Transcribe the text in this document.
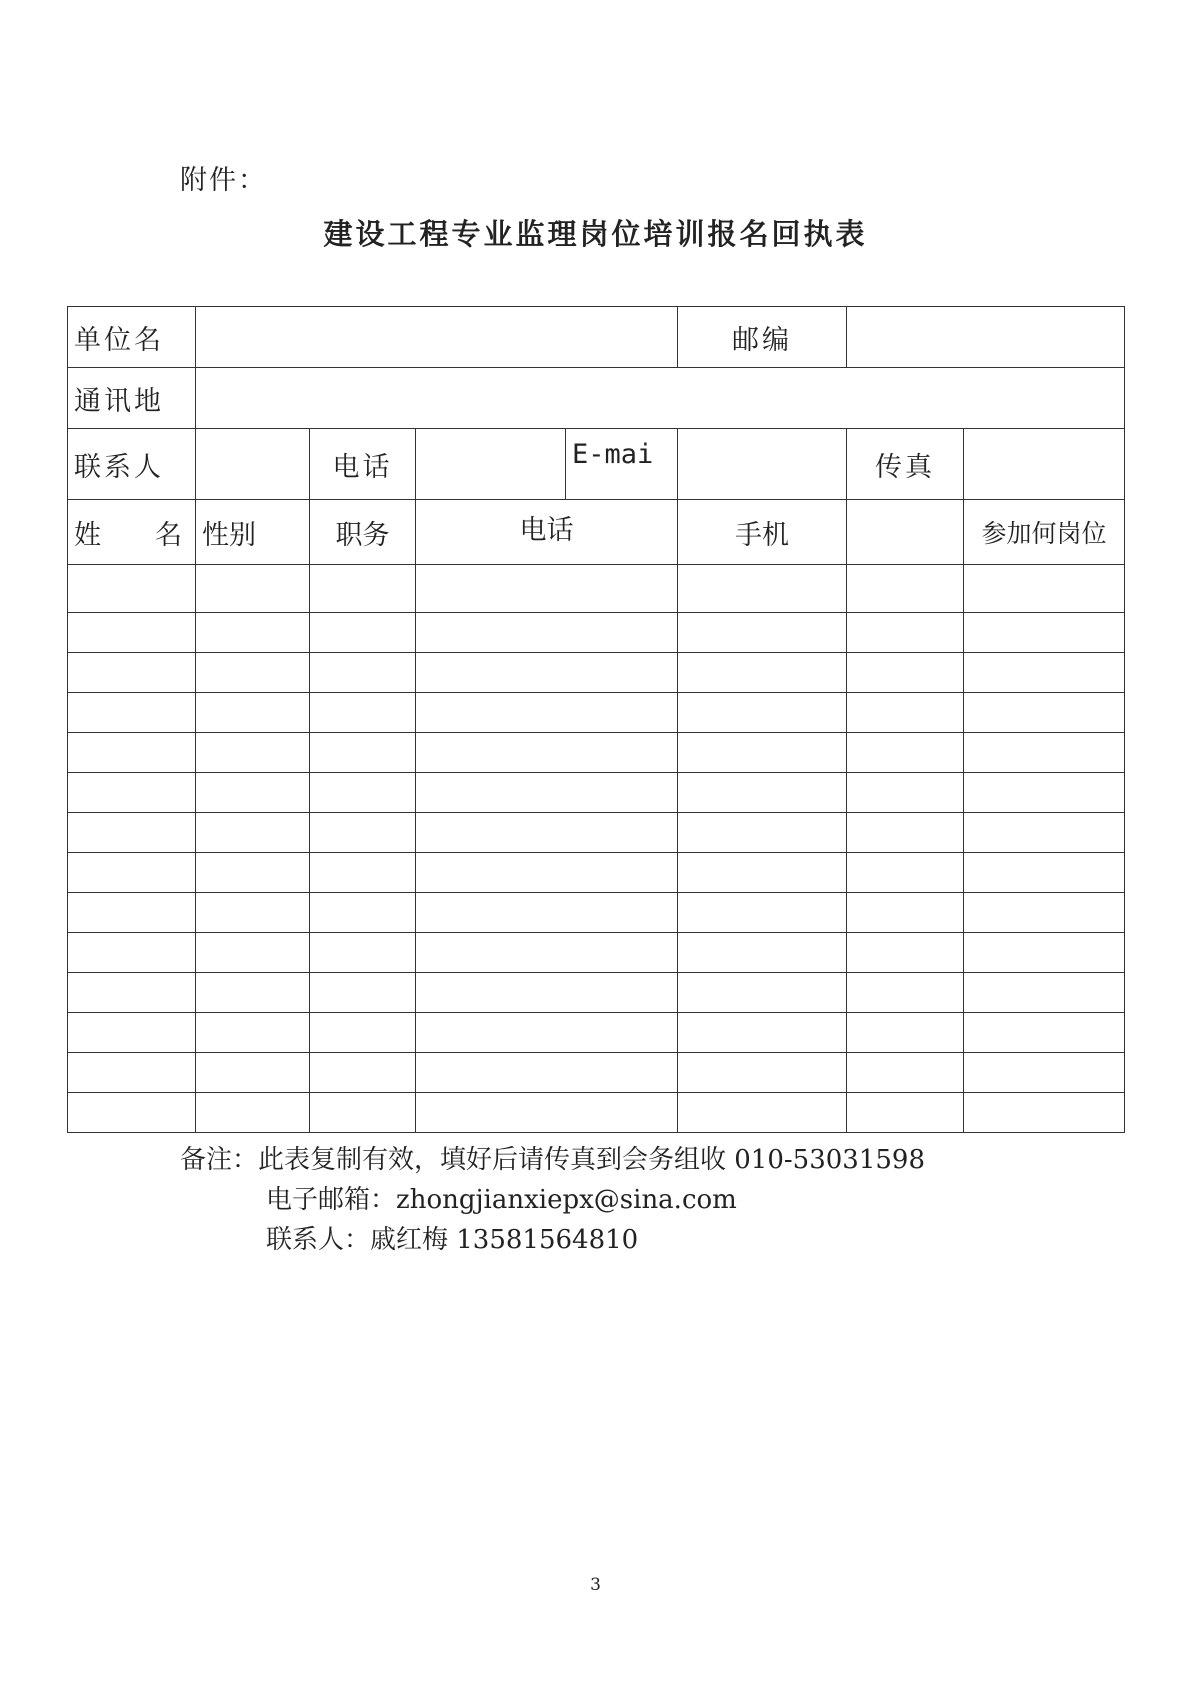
附件：
建设工程专业监理岗位培训报名回执表
单位名					邮编		
通讯地							
联系人		电话		E-mai		传真	
姓　　名	性别	职务	电话		手机		参加何岗位

备注：此表复制有效，填好后请传真到会务组收 010-53031598
电子邮箱：zhongjianxiepx@sina.com
联系人：戚红梅 13581564810
3
